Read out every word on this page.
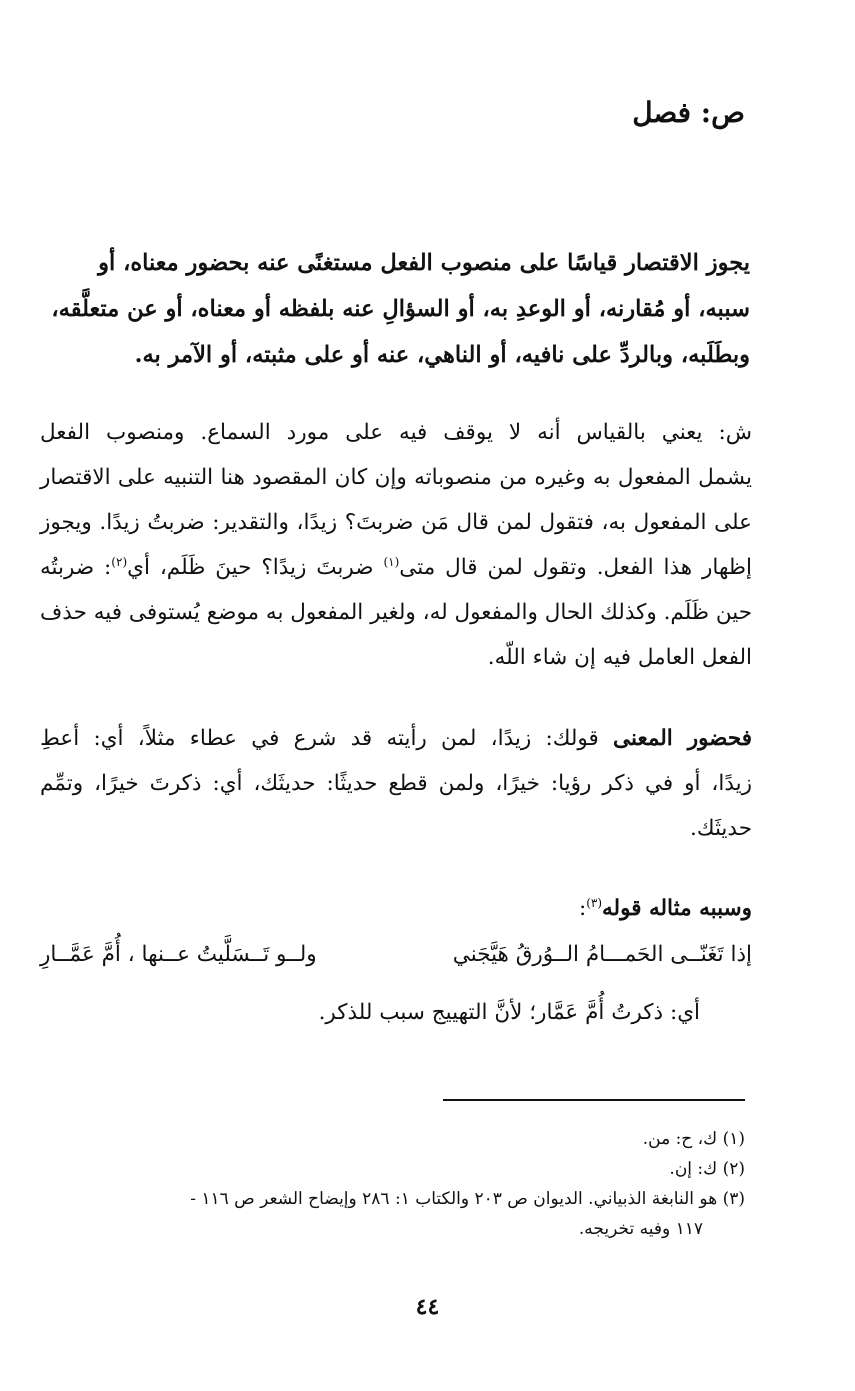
ص: فصل
يجوز الاقتصار قياسًا على منصوب الفعل مستغنًى عنه بحضور معناه، أو
سببه، أو مُقارنه، أو الوعدِ به، أو السؤالِ عنه بلفظه أو معناه، أو عن متعلَّقه،
وبطَلَبه، وبالردِّ على نافيه، أو الناهي، عنه أو على مثبته، أو الآمر به.
ش: يعني بالقياس أنه لا يوقف فيه على مورد السماع. ومنصوب الفعل
يشمل المفعول به وغيره من منصوباته وإن كان المقصود هنا التنبيه على الاقتصار
على المفعول به، فتقول لمن قال مَن ضربتَ؟ زيدًا، والتقدير: ضربتُ زيدًا. ويجوز
إظهار هذا الفعل. وتقول لمن قال متى$^{(١)}$ ضربتَ زيدًا؟ حينَ ظَلَم، أي$^{(٢)}$: ضربتُه
حين ظَلَم. وكذلك الحال والمفعول له، ولغير المفعول به موضع يُستوفى فيه حذف
الفعل العامل فيه إن شاء اللّه.
فحضور المعنى قولك: زيدًا، لمن رأيته قد شرع في عطاء مثلاً، أي: أعطِ
زيدًا، أو في ذكر رؤيا: خيرًا، ولمن قطع حديثًا: حديثَك، أي: ذكرتَ خيرًا، وتمِّم
حديثَك.
وسببه مثاله قوله$^{(٣)}$:
إذا تَغَنّــى الحَمـــامُ الــوُرقُ هَيَّجَني
ولــو تَــسَلَّيتُ عــنها ، أُمَّ عَمَّــارِ
أي: ذكرتُ أُمَّ عَمَّار؛ لأنَّ التهييج سبب للذكر.
(١) ك، ح: من.
(٢) ك: إن.
(٣) هو النابغة الذبياني. الديوان ص ٢٠٣ والكتاب ١: ٢٨٦ وإيضاح الشعر ص ١١٦ -
١١٧ وفيه تخريجه.
٤٤
